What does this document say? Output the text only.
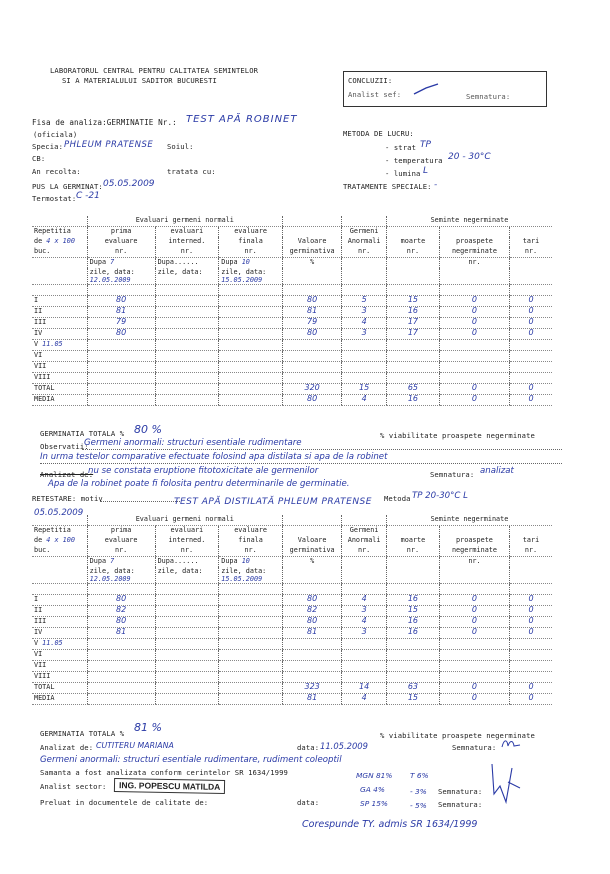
LABORATORUL CENTRAL PENTRU CALITATEA SEMINTELOR
SI A MATERIALULUI SADITOR BUCURESTI	CONCLUZII:
Analist sef:	Semnatura:
Fisa de analiza:GERMINATIE Nr.: TEST APĂ ROBINET
(oficiala)
Specia: PHLEUM PRATENSE Soiul:
CB:
An recolta:	tratata cu:
PUS LA GERMINAT: 05.05.2009
Termostat: C -21
METODA DE LUCRU:
- strat TP
- temperatura 20 - 30°C
- lumina L
TRATAMENTE SPECIALE: -
	Evaluari germeni normali					Seminte negerminate		
Repetitia	prima	evaluari	evaluare		Germeni			
de 4 x 100	evaluare	interned.	finala	Valoare	Anormali	moarte	proaspete	tari
buc.	nr.	nr.	nr.	germinativa	nr.	nr.	negerminate	nr.
	Dupa 7	Dupa......	Dupa 10	%			nr.	
	zile, data:
12.05.2009	zile, data:	zile, data:
15.05.2009					

I	80			80	5	15	0	0
II	81			81	3	16	0	0
III	79			79	4	17	0	0
IV	80			80	3	17	0	0
V 11.05								
VI								
VII								
VIII								
TOTAL				320	15	65	0	0
MEDIA				80	4	16	0	0
GERMINATIA TOTALA % 80 %	% viabilitate proaspete negerminate
Observatii:
Germeni anormali: structuri esentiale rudimentare
In urma testelor comparative efectuate folosind apa distilata si apa de la robinet
Analizat de:
nu se constata eruptione fitotoxicitate ale germenilor	Semnatura: analizat
Apa de la robinet poate fi folosita pentru determinarile de germinatie.
RETESTARE: motiv	TEST APĂ DISTILATĂ PHLEUM PRATENSE Metoda TP 20-30°C L
05.05.2009
	Evaluari germeni normali					Seminte negerminate		
Repetitia	prima	evaluari	evaluare		Germeni			
de 4 x 100	evaluare	interned.	finala	Valoare	Anormali	moarte	proaspete	tari
buc.	nr.	nr.	nr.	germinativa	nr.	nr.	negerminate	nr.
	Dupa 7	Dupa......	Dupa 10	%			nr.	
	zile, data:
12.05.2009	zile, data:	zile, data:
15.05.2009					

I	80			80	4	16	0	0
II	82			82	3	15	0	0
III	80			80	4	16	0	0
IV	81			81	3	16	0	0
V 11.05								
VI								
VII								
VIII								
TOTAL				323	14	63	0	0
MEDIA				81	4	15	0	0
GERMINATIA TOTALA % 81 %
% viabilitate proaspete negerminate
Analizat de: CUTITERU MARIANA	data: 11.05.2009	Semnatura:
Germeni anormali: structuri esentiale rudimentare, rudiment coleoptil
Samanta a fost analizata conform cerintelor SR 1634/1999
Analist sector:	ING. POPESCU MATILDA
Preluat in documentele de calitate de:	data:
MGN 81% T 6%
GA 4%	- 3%
SP 15%	- 5%
Semnatura:
Semnatura:
Corespunde TY. admis SR 1634/1999
